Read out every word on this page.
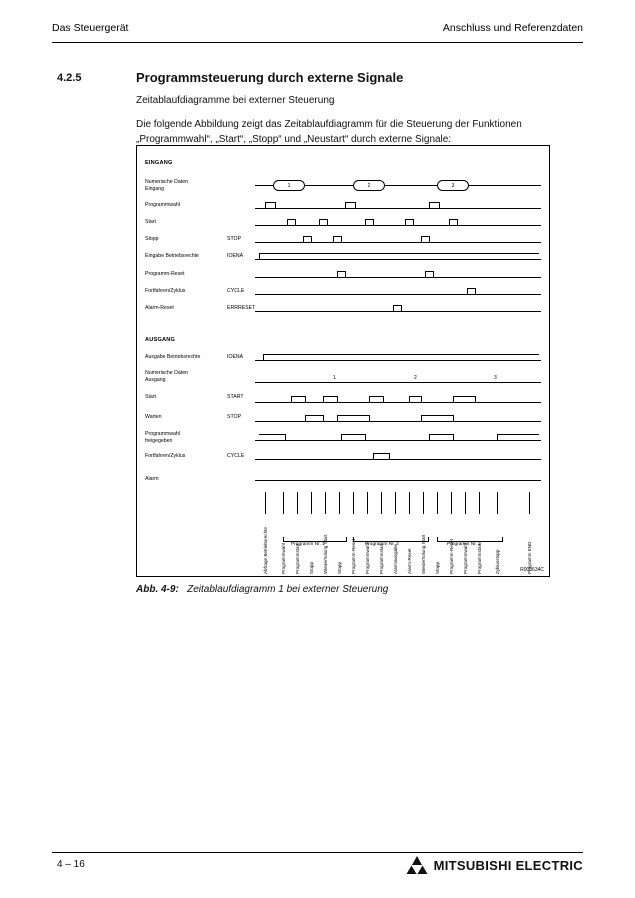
Das Steuergerät	Anschluss und Referenzdaten
4.2.5	Programmsteuerung durch externe Signale
Zeitablaufdiagramme bei externer Steuerung
Die folgende Abbildung zeigt das Zeitablaufdiagramm für die Steuerung der Funktionen „Programmwahl“, „Start“, „Stopp“ und „Neustart“ durch externe Signale:
EINGANG
AUSGANG
Numerische Daten
Eingang
Programmwahl
Start
Stopp	STOP
Eingabe Betriebsrechte	IOENA
Programm-Reset
Fortfahren/Zyklus	CYCLE
Alarm-Reset	ERRRESET
Ausgabe Betriebsrechte	IOENA
Numerische Daten
Ausgang
Start	START
Warten	STOP
Programmwahl
freigegeben
Fortfahren/Zyklus	CYCLE
Alarm
1	2	3
1	2	3
Abfrage Betriebsrechte	Programmwahl Programmstart Stopp Wiederholung Start Stopp Programm-Reset Programmwahl Programmstart Alarmausgabe Alarm-Reset Wiederholung Start Stopp Programm-Reset Programmwahl Programmstart	Zyklusstopp	Programm END
Programm Nr. 1	Programm Nr. 2	Programm Nr. 3
R000634C
Abb. 4-9: Zeitablaufdiagramm 1 bei externer Steuerung
4 – 16	MITSUBISHI ELECTRIC
